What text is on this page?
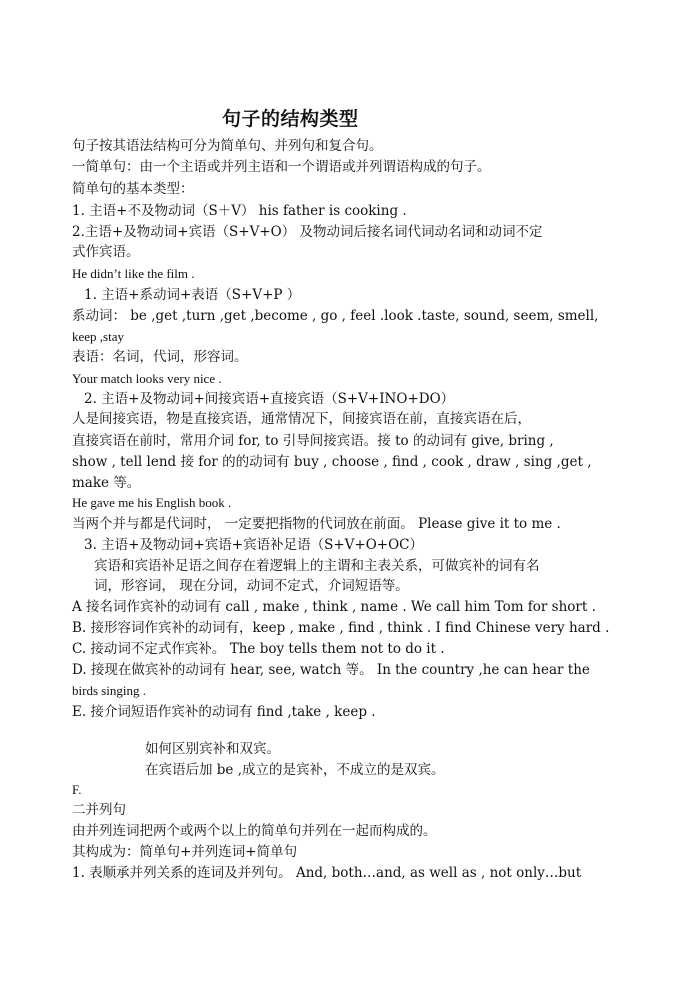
句子的结构类型
句子按其语法结构可分为简单句、并列句和复合句。
一简单句：由一个主语或并列主语和一个谓语或并列谓语构成的句子。
简单句的基本类型：
1. 主语+不及物动词（S＋V） his father is cooking .
2.主语+及物动词+宾语（S+V+O） 及物动词后接名词代词动名词和动词不定
式作宾语。
He didn’t like the film .
1. 主语+系动词+表语（S+V+P ）
系动词： be ,get ,turn ,get ,become , go , feel .look .taste, sound, seem, smell,
keep ,stay
表语：名词，代词，形容词。
Your match looks very nice .
2. 主语+及物动词+间接宾语+直接宾语（S+V+INO+DO）
人是间接宾语，物是直接宾语，通常情况下，间接宾语在前，直接宾语在后，
直接宾语在前时，常用介词 for, to 引导间接宾语。接 to 的动词有 give, bring ,
show , tell lend 接 for 的的动词有 buy , choose , find , cook , draw , sing ,get ,
make 等。
He gave me his English book .
当两个并与都是代词时， 一定要把指物的代词放在前面。 Please give it to me .
3. 主语+及物动词+宾语+宾语补足语（S+V+O+OC）
宾语和宾语补足语之间存在着逻辑上的主谓和主表关系，可做宾补的词有名
词，形容词， 现在分词，动词不定式，介词短语等。
A 接名词作宾补的动词有 call , make , think , name . We call him Tom for short .
B. 接形容词作宾补的动词有，keep , make , find , think . I find Chinese very hard .
C. 接动词不定式作宾补。 The boy tells them not to do it .
D. 接现在做宾补的动词有 hear, see, watch 等。 In the country ,he can hear the
birds singing .
E. 接介词短语作宾补的动词有 find ,take , keep .
如何区别宾补和双宾。
在宾语后加 be ,成立的是宾补，不成立的是双宾。
F.
二并列句
由并列连词把两个或两个以上的简单句并列在一起而构成的。
其构成为：简单句+并列连词+简单句
1. 表顺承并列关系的连词及并列句。 And, both…and, as well as , not only…but
